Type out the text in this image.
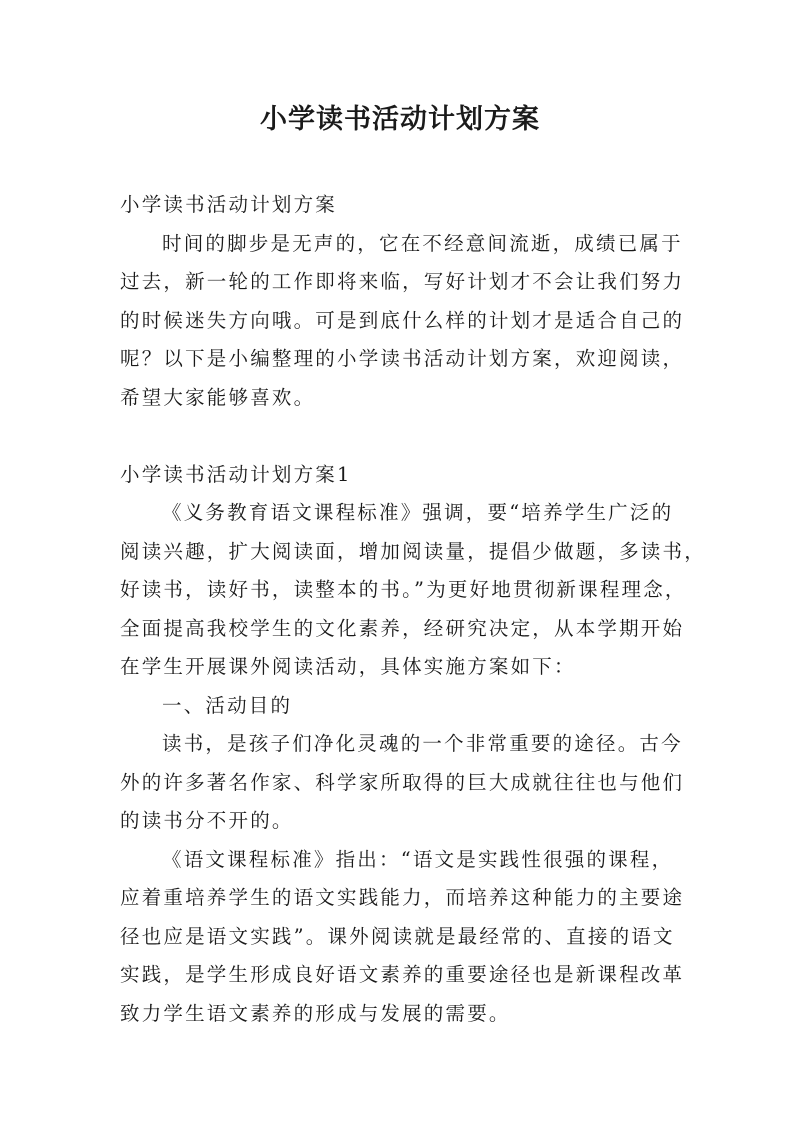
小学读书活动计划方案
小学读书活动计划方案
时间的脚步是无声的，它在不经意间流逝，成绩已属于
过去，新一轮的工作即将来临，写好计划才不会让我们努力
的时候迷失方向哦。可是到底什么样的计划才是适合自己的
呢？以下是小编整理的小学读书活动计划方案，欢迎阅读，
希望大家能够喜欢。
小学读书活动计划方案1
《义务教育语文课程标准》强调，要“培养学生广泛的
阅读兴趣，扩大阅读面，增加阅读量，提倡少做题，多读书，
好读书，读好书，读整本的书。”为更好地贯彻新课程理念，
全面提高我校学生的文化素养，经研究决定，从本学期开始
在学生开展课外阅读活动，具体实施方案如下：
一、活动目的
读书，是孩子们净化灵魂的一个非常重要的途径。古今
外的许多著名作家、科学家所取得的巨大成就往往也与他们
的读书分不开的。
《语文课程标准》指出：“语文是实践性很强的课程，
应着重培养学生的语文实践能力，而培养这种能力的主要途
径也应是语文实践”。课外阅读就是最经常的、直接的语文
实践，是学生形成良好语文素养的重要途径也是新课程改革
致力学生语文素养的形成与发展的需要。
